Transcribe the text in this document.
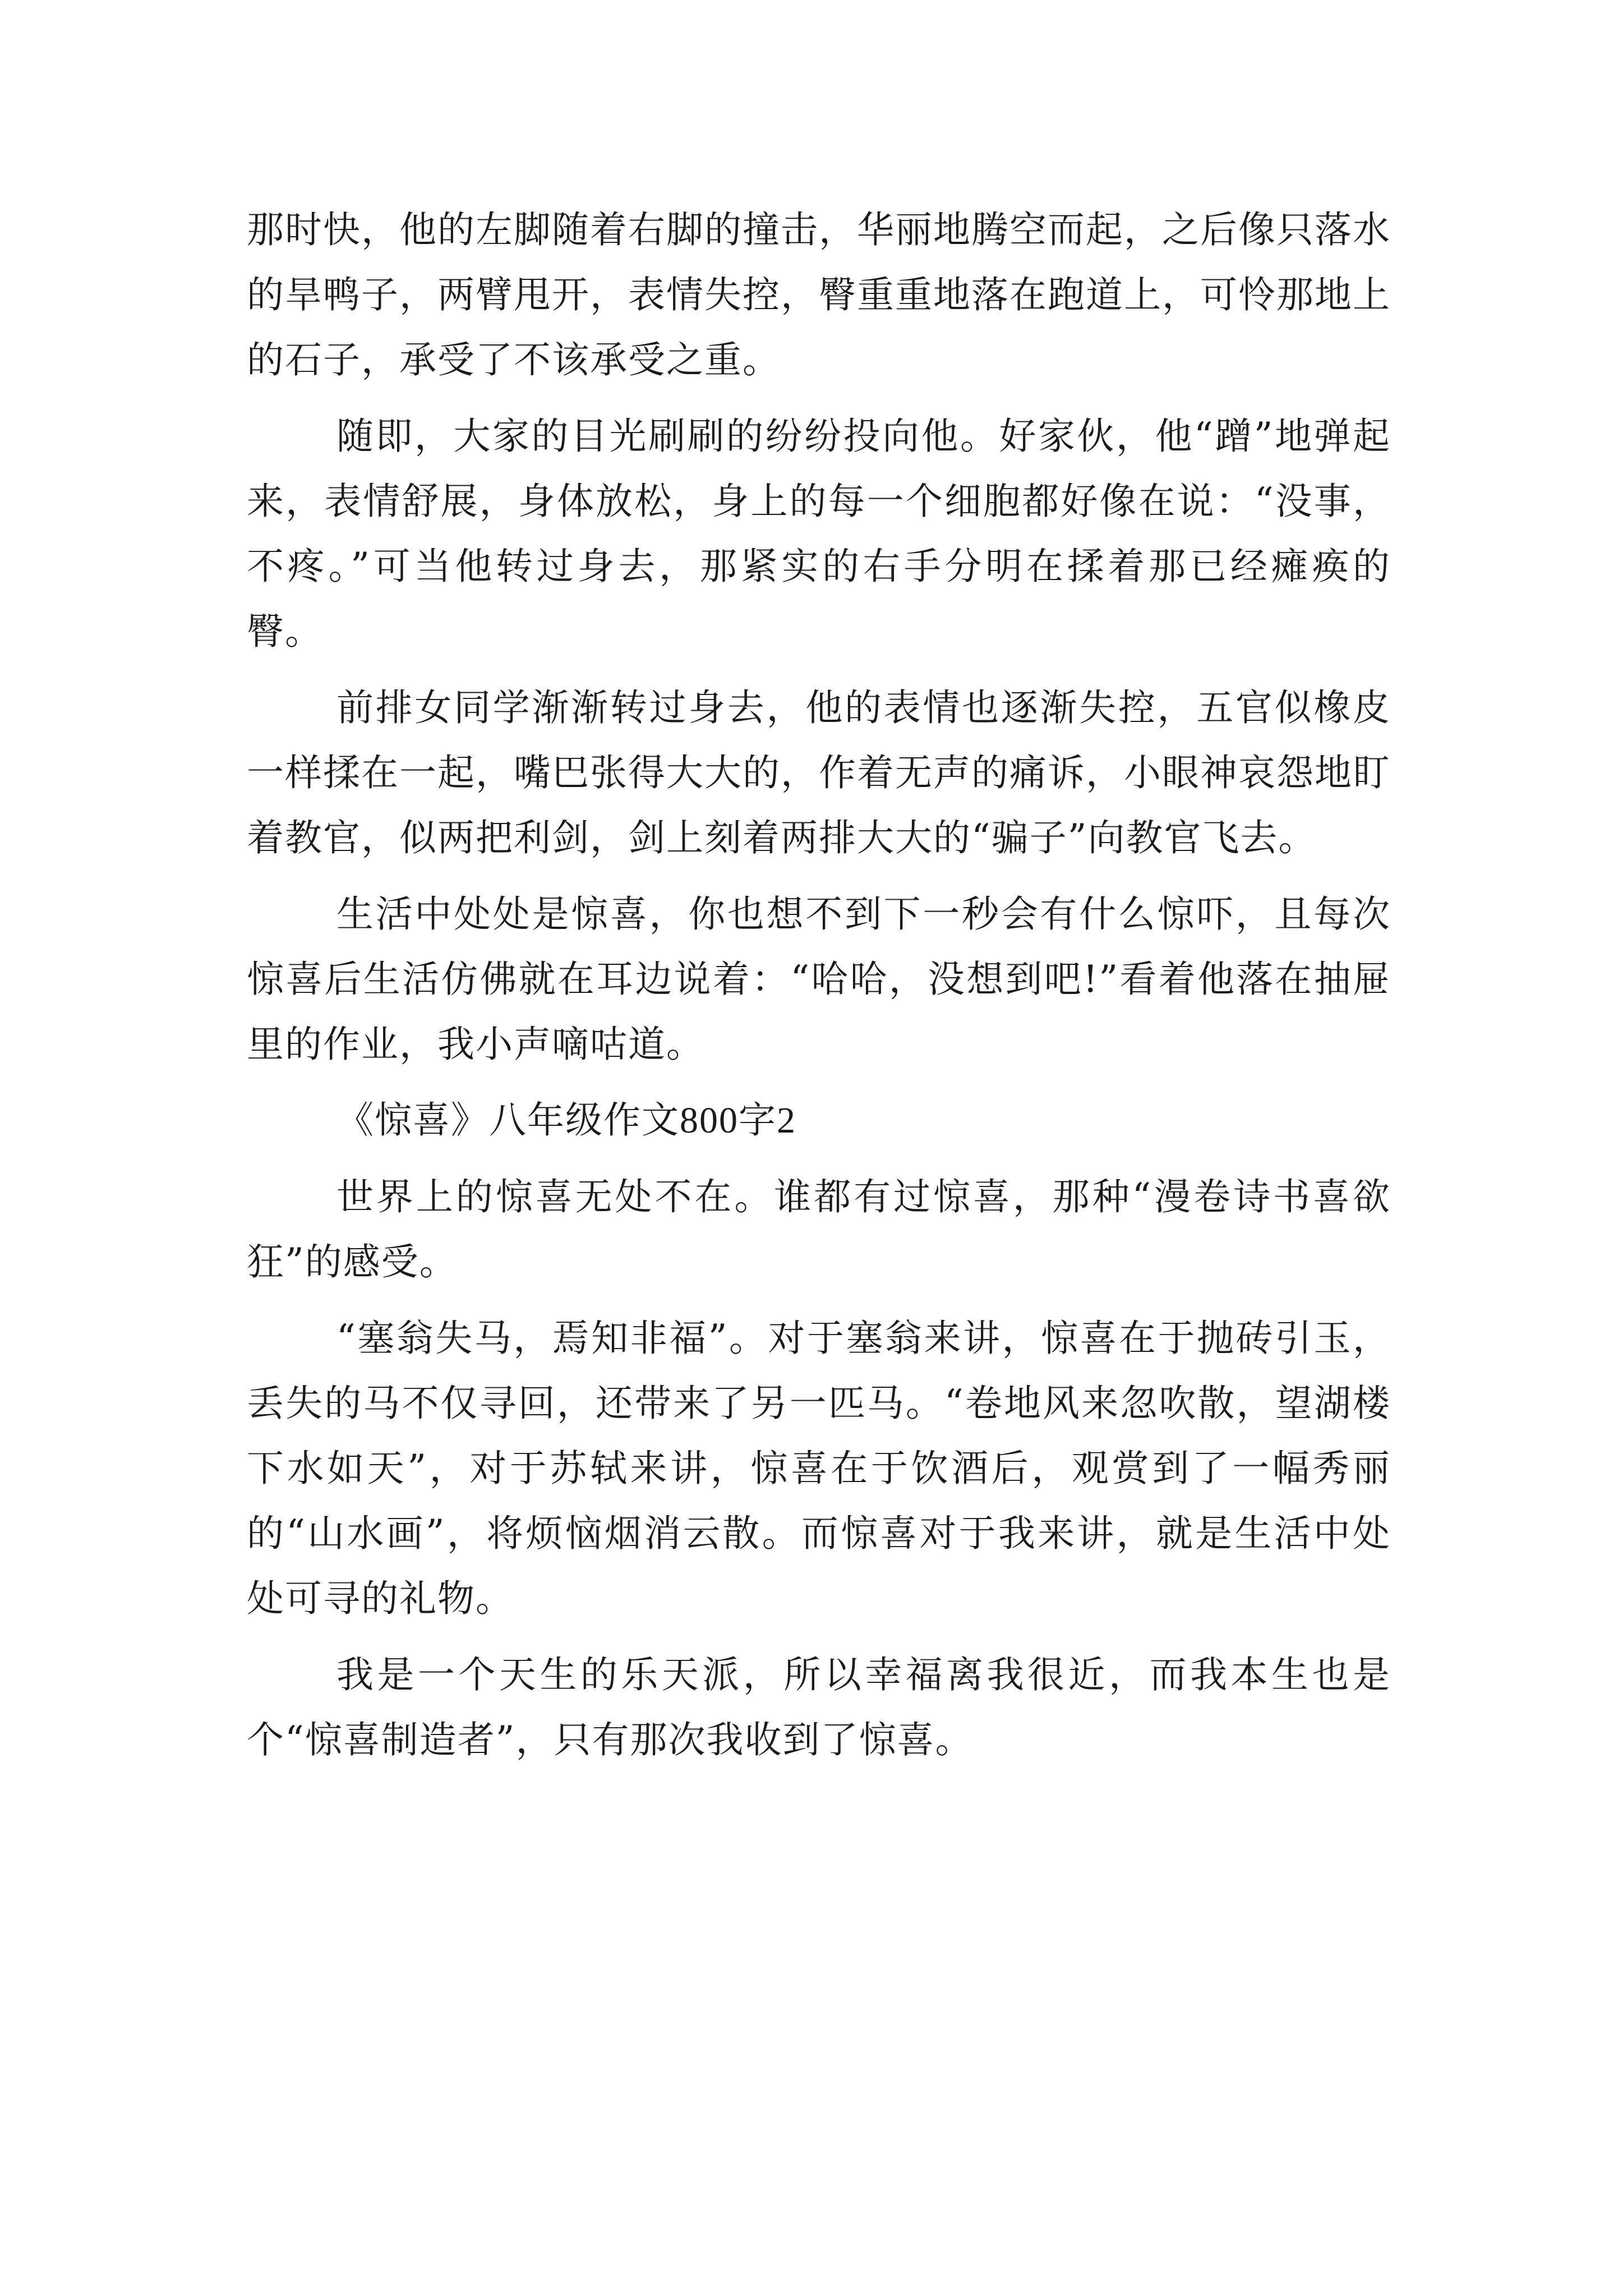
那时快，他的左脚随着右脚的撞击，华丽地腾空而起，之后像只落水的旱鸭子，两臂甩开，表情失控，臀重重地落在跑道上，可怜那地上的石子，承受了不该承受之重。

随即，大家的目光刷刷的纷纷投向他。好家伙，他“蹭”地弹起来，表情舒展，身体放松，身上的每一个细胞都好像在说：“没事，不疼。”可当他转过身去，那紧实的右手分明在揉着那已经瘫痪的臀。

前排女同学渐渐转过身去，他的表情也逐渐失控，五官似橡皮一样揉在一起，嘴巴张得大大的，作着无声的痛诉，小眼神哀怨地盯着教官，似两把利剑，剑上刻着两排大大的“骗子”向教官飞去。

生活中处处是惊喜，你也想不到下一秒会有什么惊吓，且每次惊喜后生活仿佛就在耳边说着：“哈哈，没想到吧!”看着他落在抽屉里的作业，我小声嘀咕道。

《惊喜》八年级作文800字2

世界上的惊喜无处不在。谁都有过惊喜，那种“漫卷诗书喜欲狂”的感受。

“塞翁失马，焉知非福”。对于塞翁来讲，惊喜在于抛砖引玉，丢失的马不仅寻回，还带来了另一匹马。“卷地风来忽吹散，望湖楼下水如天”，对于苏轼来讲，惊喜在于饮酒后，观赏到了一幅秀丽的“山水画”，将烦恼烟消云散。而惊喜对于我来讲，就是生活中处处可寻的礼物。

我是一个天生的乐天派，所以幸福离我很近，而我本生也是个“惊喜制造者”，只有那次我收到了惊喜。
